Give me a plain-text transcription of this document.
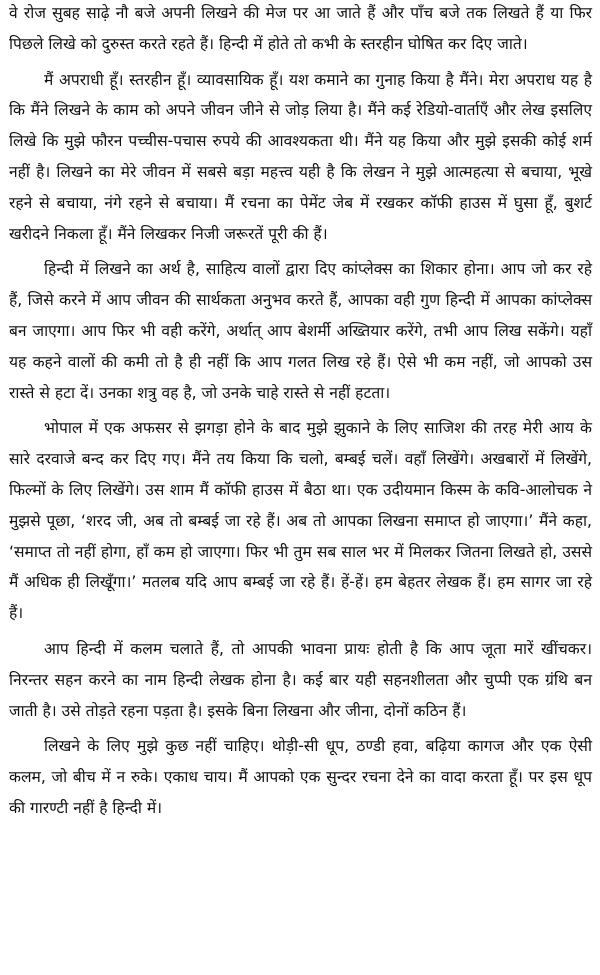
वे रोज सुबह साढ़े नौ बजे अपनी लिखने की मेज पर आ जाते हैं और पाँच बजे तक लिखते हैं या फिर पिछले लिखे को दुरुस्त करते रहते हैं। हिन्दी में होते तो कभी के स्तरहीन घोषित कर दिए जाते।

मैं अपराधी हूँ। स्तरहीन हूँ। व्यावसायिक हूँ। यश कमाने का गुनाह किया है मैंने। मेरा अपराध यह है कि मैंने लिखने के काम को अपने जीवन जीने से जोड़ लिया है। मैंने कई रेडियो-वार्ताएँ और लेख इसलिए लिखे कि मुझे फौरन पच्चीस-पचास रुपये की आवश्यकता थी। मैंने यह किया और मुझे इसकी कोई शर्म नहीं है। लिखने का मेरे जीवन में सबसे बड़ा महत्त्व यही है कि लेखन ने मुझे आत्महत्या से बचाया, भूखे रहने से बचाया, नंगे रहने से बचाया। मैं रचना का पेमेंट जेब में रखकर कॉफी हाउस में घुसा हूँ, बुशर्ट खरीदने निकला हूँ। मैंने लिखकर निजी जरूरतें पूरी की हैं।

हिन्दी में लिखने का अर्थ है, साहित्य वालों द्वारा दिए कांप्लेक्स का शिकार होना। आप जो कर रहे हैं, जिसे करने में आप जीवन की सार्थकता अनुभव करते हैं, आपका वही गुण हिन्दी में आपका कांप्लेक्स बन जाएगा। आप फिर भी वही करेंगे, अर्थात् आप बेशर्मी अख्तियार करेंगे, तभी आप लिख सकेंगे। यहाँ यह कहने वालों की कमी तो है ही नहीं कि आप गलत लिख रहे हैं। ऐसे भी कम नहीं, जो आपको उस रास्ते से हटा दें। उनका शत्रु वह है, जो उनके चाहे रास्ते से नहीं हटता।

भोपाल में एक अफसर से झगड़ा होने के बाद मुझे झुकाने के लिए साजिश की तरह मेरी आय के सारे दरवाजे बन्द कर दिए गए। मैंने तय किया कि चलो, बम्बई चलें। वहाँ लिखेंगे। अखबारों में लिखेंगे, फिल्मों के लिए लिखेंगे। उस शाम मैं कॉफी हाउस में बैठा था। एक उदीयमान किस्म के कवि-आलोचक ने मुझसे पूछा, ‘शरद जी, अब तो बम्बई जा रहे हैं। अब तो आपका लिखना समाप्त हो जाएगा।’ मैंने कहा, ‘समाप्त तो नहीं होगा, हाँ कम हो जाएगा। फिर भी तुम सब साल भर में मिलकर जितना लिखते हो, उससे मैं अधिक ही लिखूँगा।’ मतलब यदि आप बम्बई जा रहे हैं। हें-हें। हम बेहतर लेखक हैं। हम सागर जा रहे हैं।

आप हिन्दी में कलम चलाते हैं, तो आपकी भावना प्रायः होती है कि आप जूता मारें खींचकर। निरन्तर सहन करने का नाम हिन्दी लेखक होना है। कई बार यही सहनशीलता और चुप्पी एक ग्रंथि बन जाती है। उसे तोड़ते रहना पड़ता है। इसके बिना लिखना और जीना, दोनों कठिन हैं।

लिखने के लिए मुझे कुछ नहीं चाहिए। थोड़ी-सी धूप, ठण्डी हवा, बढ़िया कागज और एक ऐसी कलम, जो बीच में न रुके। एकाध चाय। मैं आपको एक सुन्दर रचना देने का वादा करता हूँ। पर इस धूप की गारण्टी नहीं है हिन्दी में।
